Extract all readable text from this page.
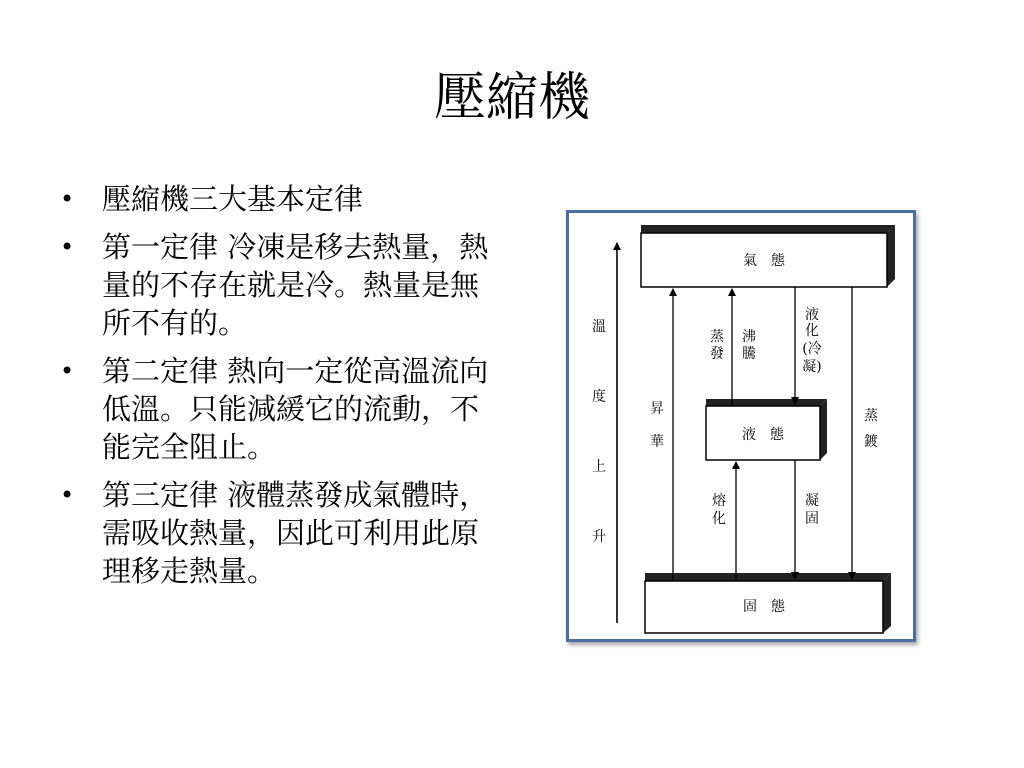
壓縮機
• 壓縮機三大基本定律
• 第一定律 冷凍是移去熱量，熱量的不存在就是冷。熱量是無所不有的。
• 第二定律 熱向一定從高溫流向低溫。只能減緩它的流動，不能完全阻止。
• 第三定律 液體蒸發成氣體時，需吸收熱量，因此可利用此原理移走熱量。
氣　態
液　態
固　態
溫
度
上
升
昇
華
蒸
發
沸
騰
液
化
(冷
凝)
蒸
鍍
熔
化
凝
固
